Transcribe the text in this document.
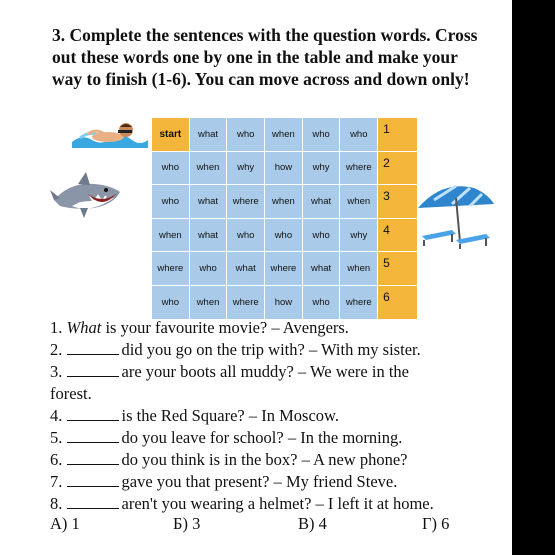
3. Complete the sentences with the question words. Cross out these words one by one in the table and make your way to finish (1-6). You can move across and down only!

start	what	who	when	who	who	1
who	when	why	how	why	where 2
who	what	where	when	what	when	3
when	what	who	who	who	why	4
where	who	what	where	what	when	5
who	when	where	how	who	where 6

1. What is your favourite movie? – Avengers.

2.	did you go on the trip with? – With my sister.

3.	are your boots all muddy? – We were in the

forest.

4.	is the Red Square? – In Moscow.

5.	do you leave for school? – In the morning.

6.	do you think is in the box? – A new phone?

7.	gave you that present? – My friend Steve.

8.	aren't you wearing a helmet? – I left it at home.

А) 1	Б) 3	В) 4	Г) 6
